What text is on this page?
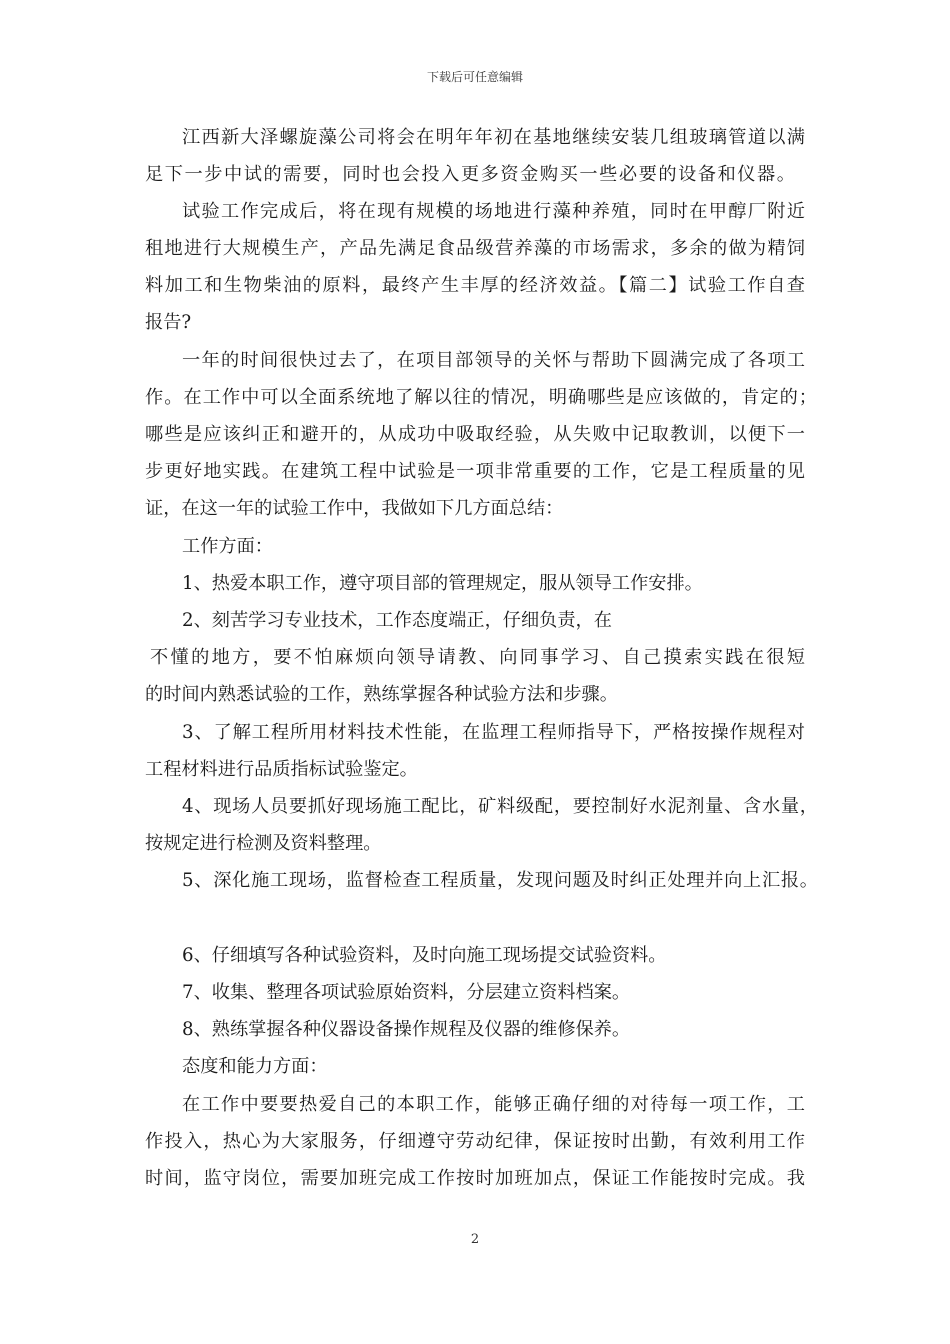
下载后可任意编辑
江西新大泽螺旋藻公司将会在明年年初在基地继续安装几组玻璃管道以满
足下一步中试的需要，同时也会投入更多资金购买一些必要的设备和仪器。
试验工作完成后，将在现有规模的场地进行藻种养殖，同时在甲醇厂附近
租地进行大规模生产，产品先满足食品级营养藻的市场需求，多余的做为精饲
料加工和生物柴油的原料，最终产生丰厚的经济效益。【篇二】试验工作自查
报告?
一年的时间很快过去了，在项目部领导的关怀与帮助下圆满完成了各项工
作。在工作中可以全面系统地了解以往的情况，明确哪些是应该做的，肯定的；
哪些是应该纠正和避开的，从成功中吸取经验，从失败中记取教训，以便下一
步更好地实践。在建筑工程中试验是一项非常重要的工作，它是工程质量的见
证，在这一年的试验工作中，我做如下几方面总结：
工作方面：
1、热爱本职工作，遵守项目部的管理规定，服从领导工作安排。
2、刻苦学习专业技术，工作态度端正，仔细负责，在
不懂的地方，要不怕麻烦向领导请教、向同事学习、自己摸索实践在很短
的时间内熟悉试验的工作，熟练掌握各种试验方法和步骤。
3、了解工程所用材料技术性能，在监理工程师指导下，严格按操作规程对
工程材料进行品质指标试验鉴定。
4、现场人员要抓好现场施工配比，矿料级配，要控制好水泥剂量、含水量，
按规定进行检测及资料整理。
5、深化施工现场，监督检查工程质量，发现问题及时纠正处理并向上汇报。
6、仔细填写各种试验资料，及时向施工现场提交试验资料。
7、收集、整理各项试验原始资料，分层建立资料档案。
8、熟练掌握各种仪器设备操作规程及仪器的维修保养。
态度和能力方面：
在工作中要要热爱自己的本职工作，能够正确仔细的对待每一项工作，工
作投入，热心为大家服务，仔细遵守劳动纪律，保证按时出勤，有效利用工作
时间，监守岗位，需要加班完成工作按时加班加点，保证工作能按时完成。我
2
